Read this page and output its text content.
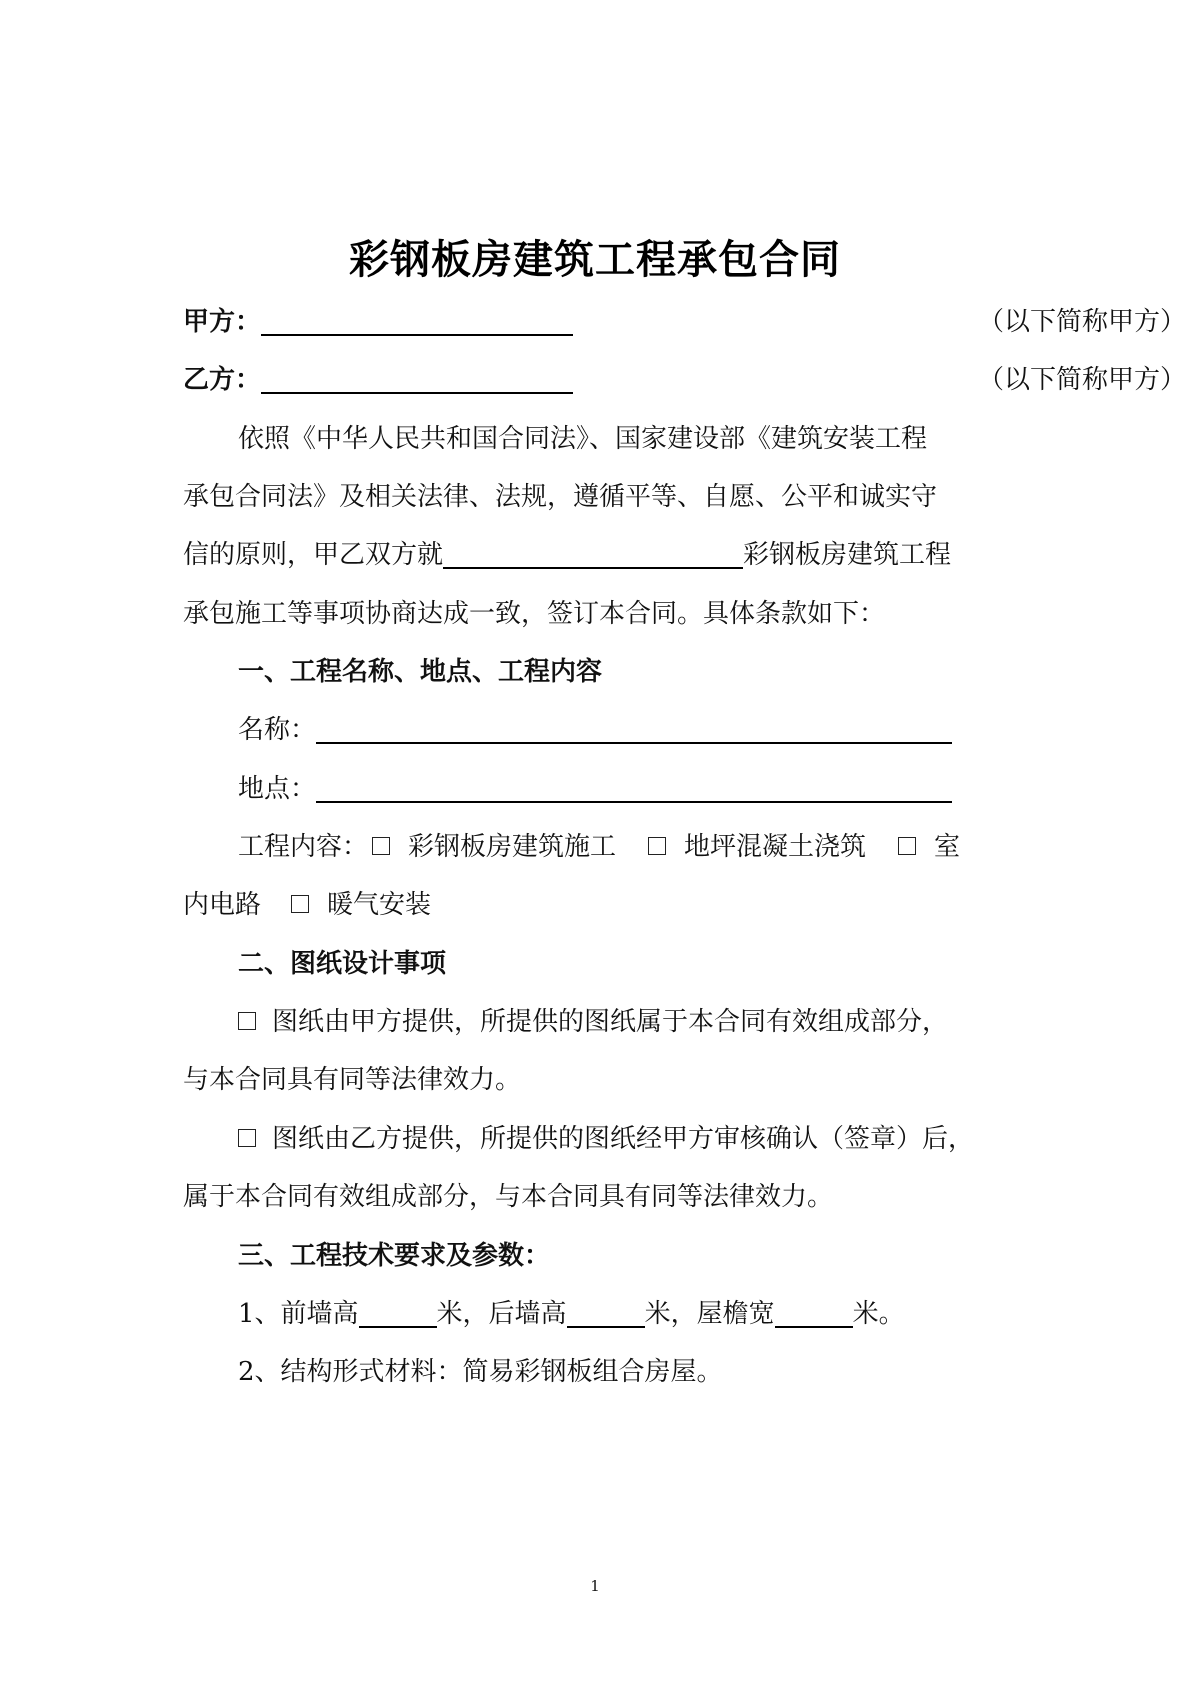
彩钢板房建筑工程承包合同
甲方：	（以下简称甲方）
乙方：	（以下简称甲方）
依照《中华人民共和国合同法》、国家建设部《建筑安装工程
承包合同法》及相关法律、法规，遵循平等、自愿、公平和诚实守
信的原则，甲乙双方就	彩钢板房建筑工程
承包施工等事项协商达成一致，签订本合同。具体条款如下：
一、工程名称、地点、工程内容
名称：
地点：
工程内容： 彩钢板房建筑施工	地坪混凝土浇筑	室
内电路	暖气安装
二、图纸设计事项
图纸由甲方提供，所提供的图纸属于本合同有效组成部分，
与本合同具有同等法律效力。
图纸由乙方提供，所提供的图纸经甲方审核确认（签章）后，
属于本合同有效组成部分，与本合同具有同等法律效力。
三、工程技术要求及参数：
1、前墙高	米，后墙高	米，屋檐宽	米。
2、结构形式材料：简易彩钢板组合房屋。
1
